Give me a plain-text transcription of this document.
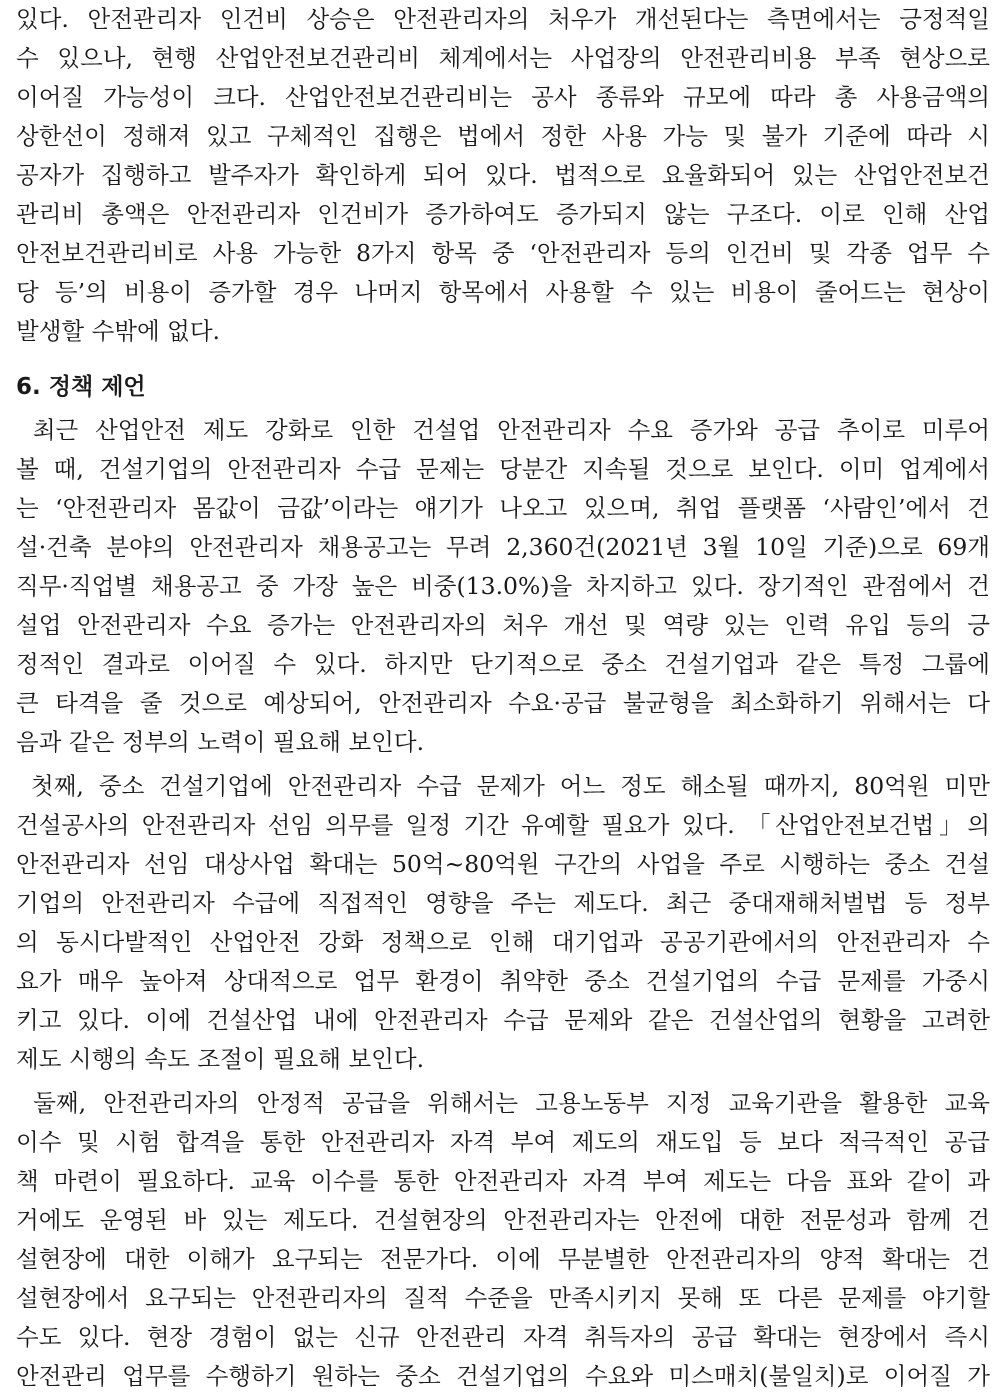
있다. 안전관리자 인건비 상승은 안전관리자의 처우가 개선된다는 측면에서는 긍정적일
수 있으나, 현행 산업안전보건관리비 체계에서는 사업장의 안전관리비용 부족 현상으로
이어질 가능성이 크다. 산업안전보건관리비는 공사 종류와 규모에 따라 총 사용금액의
상한선이 정해져 있고 구체적인 집행은 법에서 정한 사용 가능 및 불가 기준에 따라 시
공자가 집행하고 발주자가 확인하게 되어 있다. 법적으로 요율화되어 있는 산업안전보건
관리비 총액은 안전관리자 인건비가 증가하여도 증가되지 않는 구조다. 이로 인해 산업
안전보건관리비로 사용 가능한 8가지 항목 중 ‘안전관리자 등의 인건비 및 각종 업무 수
당 등’의 비용이 증가할 경우 나머지 항목에서 사용할 수 있는 비용이 줄어드는 현상이
발생할 수밖에 없다.
6. 정책 제언
최근 산업안전 제도 강화로 인한 건설업 안전관리자 수요 증가와 공급 추이로 미루어
볼 때, 건설기업의 안전관리자 수급 문제는 당분간 지속될 것으로 보인다. 이미 업계에서
는 ‘안전관리자 몸값이 금값’이라는 얘기가 나오고 있으며, 취업 플랫폼 ‘사람인’에서 건
설·건축 분야의 안전관리자 채용공고는 무려 2,360건(2021년 3월 10일 기준)으로 69개
직무·직업별 채용공고 중 가장 높은 비중(13.0%)을 차지하고 있다. 장기적인 관점에서 건
설업 안전관리자 수요 증가는 안전관리자의 처우 개선 및 역량 있는 인력 유입 등의 긍
정적인 결과로 이어질 수 있다. 하지만 단기적으로 중소 건설기업과 같은 특정 그룹에
큰 타격을 줄 것으로 예상되어, 안전관리자 수요·공급 불균형을 최소화하기 위해서는 다
음과 같은 정부의 노력이 필요해 보인다.
첫째, 중소 건설기업에 안전관리자 수급 문제가 어느 정도 해소될 때까지, 80억원 미만
건설공사의 안전관리자 선임 의무를 일정 기간 유예할 필요가 있다. 「산업안전보건법」의
안전관리자 선임 대상사업 확대는 50억~80억원 구간의 사업을 주로 시행하는 중소 건설
기업의 안전관리자 수급에 직접적인 영향을 주는 제도다. 최근 중대재해처벌법 등 정부
의 동시다발적인 산업안전 강화 정책으로 인해 대기업과 공공기관에서의 안전관리자 수
요가 매우 높아져 상대적으로 업무 환경이 취약한 중소 건설기업의 수급 문제를 가중시
키고 있다. 이에 건설산업 내에 안전관리자 수급 문제와 같은 건설산업의 현황을 고려한
제도 시행의 속도 조절이 필요해 보인다.
둘째, 안전관리자의 안정적 공급을 위해서는 고용노동부 지정 교육기관을 활용한 교육
이수 및 시험 합격을 통한 안전관리자 자격 부여 제도의 재도입 등 보다 적극적인 공급
책 마련이 필요하다. 교육 이수를 통한 안전관리자 자격 부여 제도는 다음 표와 같이 과
거에도 운영된 바 있는 제도다. 건설현장의 안전관리자는 안전에 대한 전문성과 함께 건
설현장에 대한 이해가 요구되는 전문가다. 이에 무분별한 안전관리자의 양적 확대는 건
설현장에서 요구되는 안전관리자의 질적 수준을 만족시키지 못해 또 다른 문제를 야기할
수도 있다. 현장 경험이 없는 신규 안전관리 자격 취득자의 공급 확대는 현장에서 즉시
안전관리 업무를 수행하기 원하는 중소 건설기업의 수요와 미스매치(불일치)로 이어질 가
